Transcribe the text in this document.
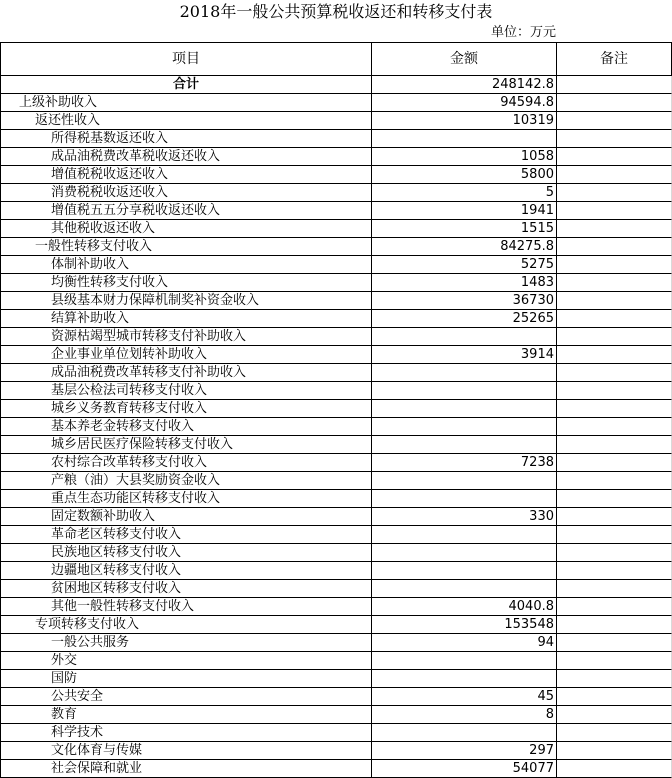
2018年一般公共预算税收返还和转移支付表
单位：万元
项目	金额	备注
合计	248142.8
上级补助收入	94594.8
返还性收入	10319
所得税基数返还收入
成品油税费改革税收返还收入	1058
增值税税收返还收入	5800
消费税税收返还收入	5
增值税五五分享税收返还收入	1941
其他税收返还收入	1515
一般性转移支付收入	84275.8
体制补助收入	5275
均衡性转移支付收入	1483
县级基本财力保障机制奖补资金收入	36730
结算补助收入	25265
资源枯竭型城市转移支付补助收入
企业事业单位划转补助收入	3914
成品油税费改革转移支付补助收入
基层公检法司转移支付收入
城乡义务教育转移支付收入
基本养老金转移支付收入
城乡居民医疗保险转移支付收入
农村综合改革转移支付收入	7238
产粮（油）大县奖励资金收入
重点生态功能区转移支付收入
固定数额补助收入	330
革命老区转移支付收入
民族地区转移支付收入
边疆地区转移支付收入
贫困地区转移支付收入
其他一般性转移支付收入	4040.8
专项转移支付收入	153548
一般公共服务	94
外交
国防
公共安全	45
教育	8
科学技术
文化体育与传媒	297
社会保障和就业	54077
